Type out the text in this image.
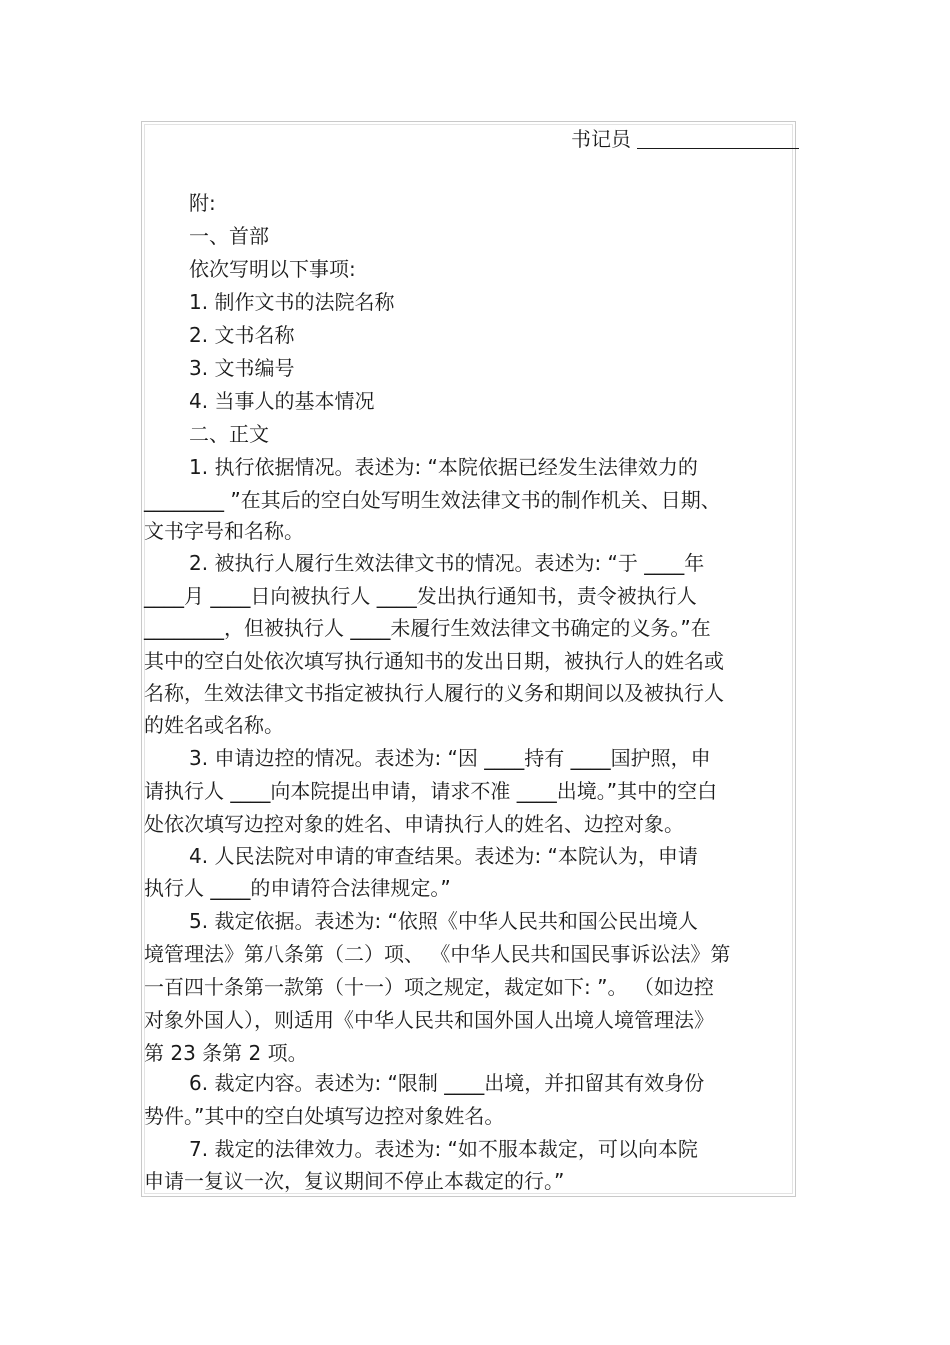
书记员
附:
一、首部
依次写明以下事项:
1. 制作文书的法院名称
2. 文书名称
3. 文书编号
4. 当事人的基本情况
二、正文
1. 执行依据情况。表述为: “本院依据已经发生法律效力的
________ ”在其后的空白处写明生效法律文书的制作机关、日期、
文书字号和名称。
2. 被执行人履行生效法律文书的情况。表述为: “于 ____年
____月 ____日向被执行人 ____发出执行通知书，责令被执行人
________，但被执行人 ____未履行生效法律文书确定的义务。”在
其中的空白处依次填写执行通知书的发出日期，被执行人的姓名或
名称，生效法律文书指定被执行人履行的义务和期间以及被执行人
的姓名或名称。
3. 申请边控的情况。表述为: “因 ____持有 ____国护照，申
请执行人 ____向本院提出申请，请求不准 ____出境。”其中的空白
处依次填写边控对象的姓名、申请执行人的姓名、边控对象。
4. 人民法院对申请的审查结果。表述为: “本院认为，申请
执行人 ____的申请符合法律规定。”
5. 裁定依据。表述为: “依照《中华人民共和国公民出境人
境管理法》第八条第（二）项、 《中华人民共和国民事诉讼法》第
一百四十条第一款第（十一）项之规定，裁定如下: ”。 （如边控
对象外国人），则适用《中华人民共和国外国人出境人境管理法》
第 23 条第 2 项。
6. 裁定内容。表述为: “限制 ____出境，并扣留其有效身份
势件。”其中的空白处填写边控对象姓名。
7. 裁定的法律效力。表述为: “如不服本裁定，可以向本院
申请一复议一次，复议期间不停止本裁定的行。”
